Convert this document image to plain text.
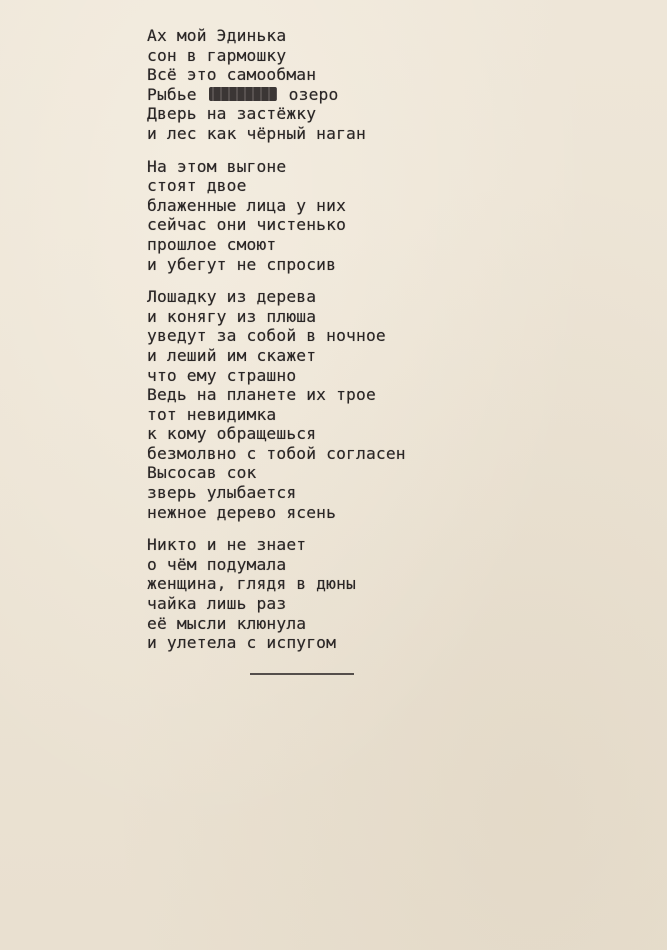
Ах мой Эдинька
сон в гармошку
Всё это самообман
Рыбье	озеро
Дверь на застёжку
и лес как чёрный наган
На этом выгоне
стоят двое
блаженные лица у них
сейчас они чистенько
прошлое смоют
и убегут не спросив
Лошадку из дерева
и конягу из плюша
уведут за собой в ночное
и леший им скажет
что ему страшно
Ведь на планете их трое
тот невидимка
к кому обращешься
безмолвно с тобой согласен
Высосав сок
зверь улыбается
нежное дерево ясень
Никто и не знает
о чём подумала
женщина, глядя в дюны
чайка лишь раз
её мысли клюнула
и улетела с испугом
